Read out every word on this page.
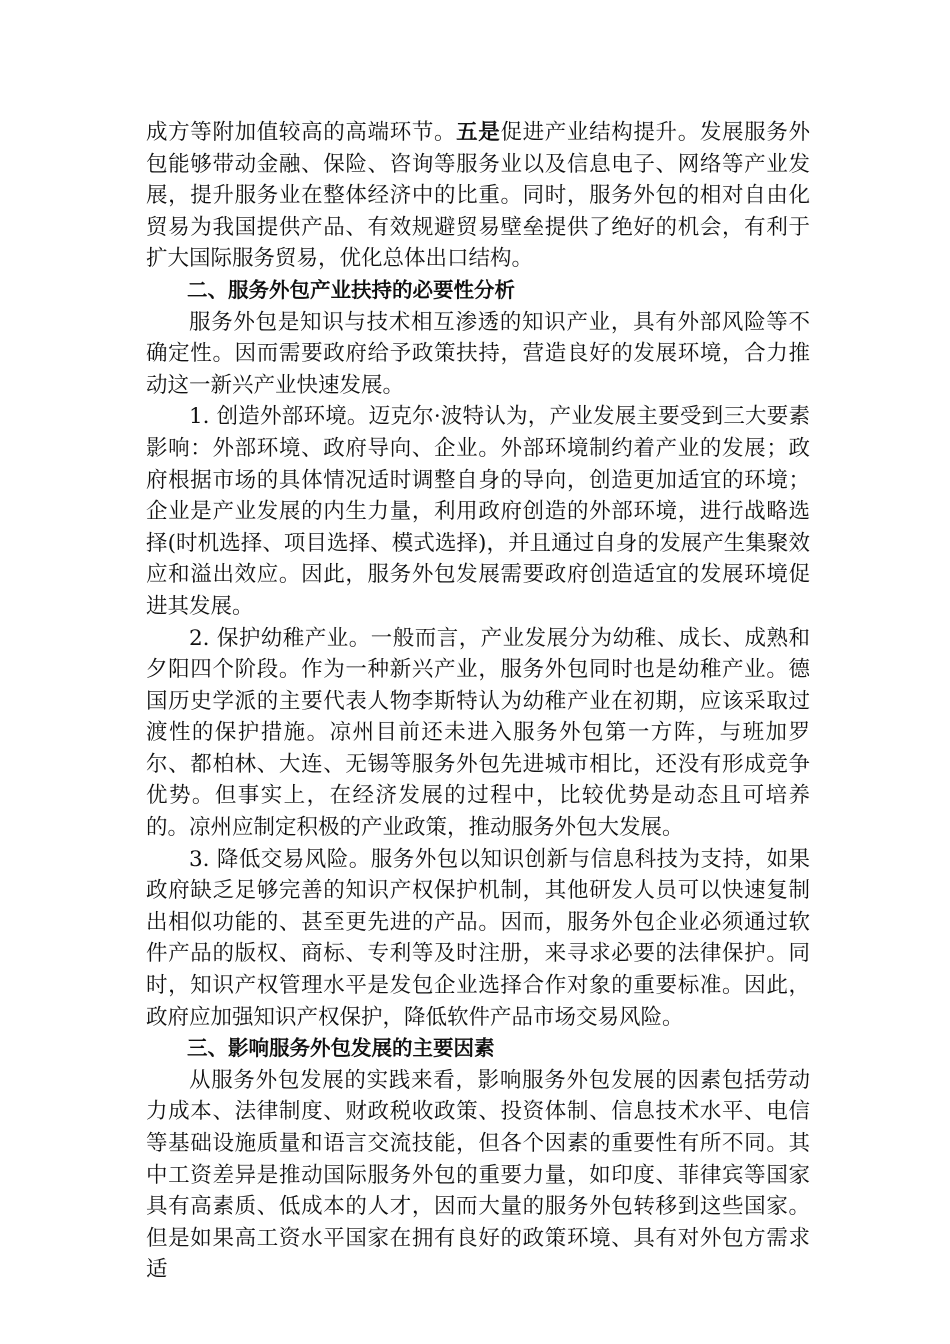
成方等附加值较高的高端环节。五是促进产业结构提升。发展服务外包能够带动金融、保险、咨询等服务业以及信息电子、网络等产业发展，提升服务业在整体经济中的比重。同时，服务外包的相对自由化贸易为我国提供产品、有效规避贸易壁垒提供了绝好的机会，有利于扩大国际服务贸易，优化总体出口结构。

二、服务外包产业扶持的必要性分析

服务外包是知识与技术相互渗透的知识产业，具有外部风险等不确定性。因而需要政府给予政策扶持，营造良好的发展环境，合力推动这一新兴产业快速发展。

1. 创造外部环境。迈克尔·波特认为，产业发展主要受到三大要素影响：外部环境、政府导向、企业。外部环境制约着产业的发展；政府根据市场的具体情况适时调整自身的导向，创造更加适宜的环境；企业是产业发展的内生力量，利用政府创造的外部环境，进行战略选择(时机选择、项目选择、模式选择)，并且通过自身的发展产生集聚效应和溢出效应。因此，服务外包发展需要政府创造适宜的发展环境促进其发展。

2. 保护幼稚产业。一般而言，产业发展分为幼稚、成长、成熟和夕阳四个阶段。作为一种新兴产业，服务外包同时也是幼稚产业。德国历史学派的主要代表人物李斯特认为幼稚产业在初期，应该采取过渡性的保护措施。凉州目前还未进入服务外包第一方阵，与班加罗尔、都柏林、大连、无锡等服务外包先进城市相比，还没有形成竞争优势。但事实上，在经济发展的过程中，比较优势是动态且可培养的。凉州应制定积极的产业政策，推动服务外包大发展。

3. 降低交易风险。服务外包以知识创新与信息科技为支持，如果政府缺乏足够完善的知识产权保护机制，其他研发人员可以快速复制出相似功能的、甚至更先进的产品。因而，服务外包企业必须通过软件产品的版权、商标、专利等及时注册，来寻求必要的法律保护。同时，知识产权管理水平是发包企业选择合作对象的重要标准。因此，政府应加强知识产权保护，降低软件产品市场交易风险。

三、影响服务外包发展的主要因素

从服务外包发展的实践来看，影响服务外包发展的因素包括劳动力成本、法律制度、财政税收政策、投资体制、信息技术水平、电信等基础设施质量和语言交流技能，但各个因素的重要性有所不同。其中工资差异是推动国际服务外包的重要力量，如印度、菲律宾等国家具有高素质、低成本的人才，因而大量的服务外包转移到这些国家。但是如果高工资水平国家在拥有良好的政策环境、具有对外包方需求适
